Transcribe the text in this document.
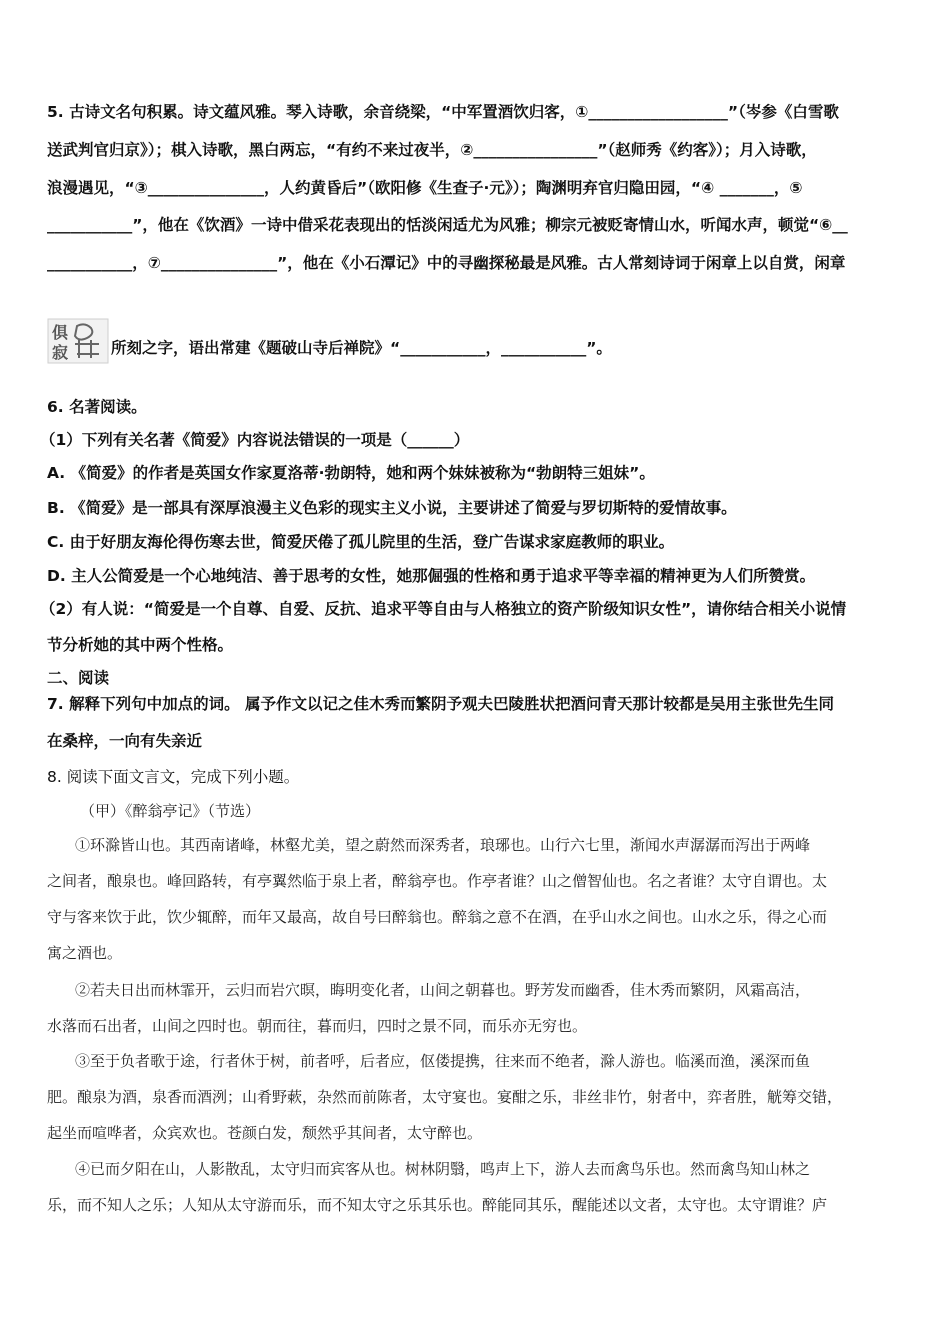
5. 古诗文名句积累。诗文蕴风雅。琴入诗歌，余音绕梁，“中军置酒饮归客，①__________________”（岑参《白雪歌
送武判官归京》）；棋入诗歌，黑白两忘，“有约不来过夜半，②________________”（赵师秀《约客》）；月入诗歌，
浪漫遇见，“③_______________，人约黄昏后”（欧阳修《生查子·元》）；陶渊明弃官归隐田园，“④ _______，⑤
___________”，他在《饮酒》一诗中借采花表现出的恬淡闲适尤为风雅；柳宗元被贬寄情山水，听闻水声，顿觉“⑥__
___________，⑦_______________”，他在《小石潭记》中的寻幽探秘最是风雅。古人常刻诗词于闲章上以自赏，闲章
俱
寂	所刻之字，语出常建《题破山寺后禅院》“___________，___________”。
6. 名著阅读。
（1）下列有关名著《简爱》内容说法错误的一项是（______）
A. 《简爱》的作者是英国女作家夏洛蒂·勃朗特，她和两个妹妹被称为“勃朗特三姐妹”。
B. 《简爱》是一部具有深厚浪漫主义色彩的现实主义小说，主要讲述了简爱与罗切斯特的爱情故事。
C. 由于好朋友海伦得伤寒去世，简爱厌倦了孤儿院里的生活，登广告谋求家庭教师的职业。
D. 主人公简爱是一个心地纯洁、善于思考的女性，她那倔强的性格和勇于追求平等幸福的精神更为人们所赞赏。
（2）有人说：“简爱是一个自尊、自爱、反抗、追求平等自由与人格独立的资产阶级知识女性”，请你结合相关小说情
节分析她的其中两个性格。
二、阅读
7. 解释下列句中加点的词。 属予作文以记之佳木秀而繁阴予观夫巴陵胜状把酒问青天那计较都是吴用主张世先生同
在桑梓，一向有失亲近
8. 阅读下面文言文，完成下列小题。
（甲）《醉翁亭记》（节选）
①环滁皆山也。其西南诸峰，林壑尤美，望之蔚然而深秀者，琅琊也。山行六七里，渐闻水声潺潺而泻出于两峰
之间者，酿泉也。峰回路转，有亭翼然临于泉上者，醉翁亭也。作亭者谁？山之僧智仙也。名之者谁？太守自谓也。太
守与客来饮于此，饮少辄醉，而年又最高，故自号曰醉翁也。醉翁之意不在酒，在乎山水之间也。山水之乐，得之心而
寓之酒也。
②若夫日出而林霏开，云归而岩穴暝，晦明变化者，山间之朝暮也。野芳发而幽香，佳木秀而繁阴，风霜高洁，
水落而石出者，山间之四时也。朝而往，暮而归，四时之景不同，而乐亦无穷也。
③至于负者歌于途，行者休于树，前者呼，后者应，伛偻提携，往来而不绝者，滁人游也。临溪而渔，溪深而鱼
肥。酿泉为酒，泉香而酒洌；山肴野蔌，杂然而前陈者，太守宴也。宴酣之乐，非丝非竹，射者中，弈者胜，觥筹交错，
起坐而喧哗者，众宾欢也。苍颜白发，颓然乎其间者，太守醉也。
④已而夕阳在山，人影散乱，太守归而宾客从也。树林阴翳，鸣声上下，游人去而禽鸟乐也。然而禽鸟知山林之
乐，而不知人之乐；人知从太守游而乐，而不知太守之乐其乐也。醉能同其乐，醒能述以文者，太守也。太守谓谁？庐
